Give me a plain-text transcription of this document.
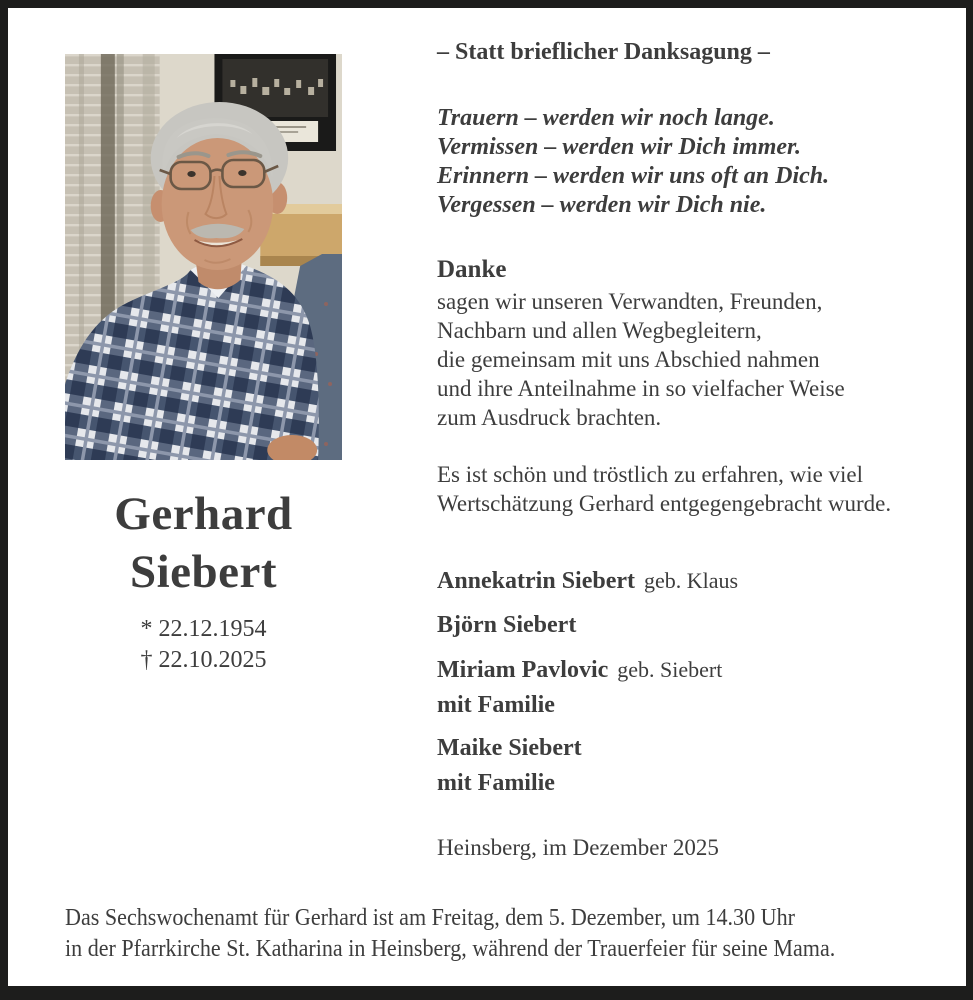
Gerhard
Siebert
* 22.12.1954
† 22.10.2025
– Statt brieflicher Danksagung –
Trauern – werden wir noch lange.
Vermissen – werden wir Dich immer.
Erinnern – werden wir uns oft an Dich.
Vergessen – werden wir Dich nie.
Danke
sagen wir unseren Verwandten, Freunden,
Nachbarn und allen Wegbegleitern,
die gemeinsam mit uns Abschied nahmen
und ihre Anteilnahme in so vielfacher Weise
zum Ausdruck brachten.
Es ist schön und tröstlich zu erfahren, wie viel
Wertschätzung Gerhard entgegengebracht wurde.
Annekatrin Siebert geb. Klaus
Björn Siebert
Miriam Pavlovic geb. Siebert
mit Familie
Maike Siebert
mit Familie
Heinsberg, im Dezember 2025
Das Sechswochenamt für Gerhard ist am Freitag, dem 5. Dezember, um 14.30 Uhr
in der Pfarrkirche St. Katharina in Heinsberg, während der Trauerfeier für seine Mama.
